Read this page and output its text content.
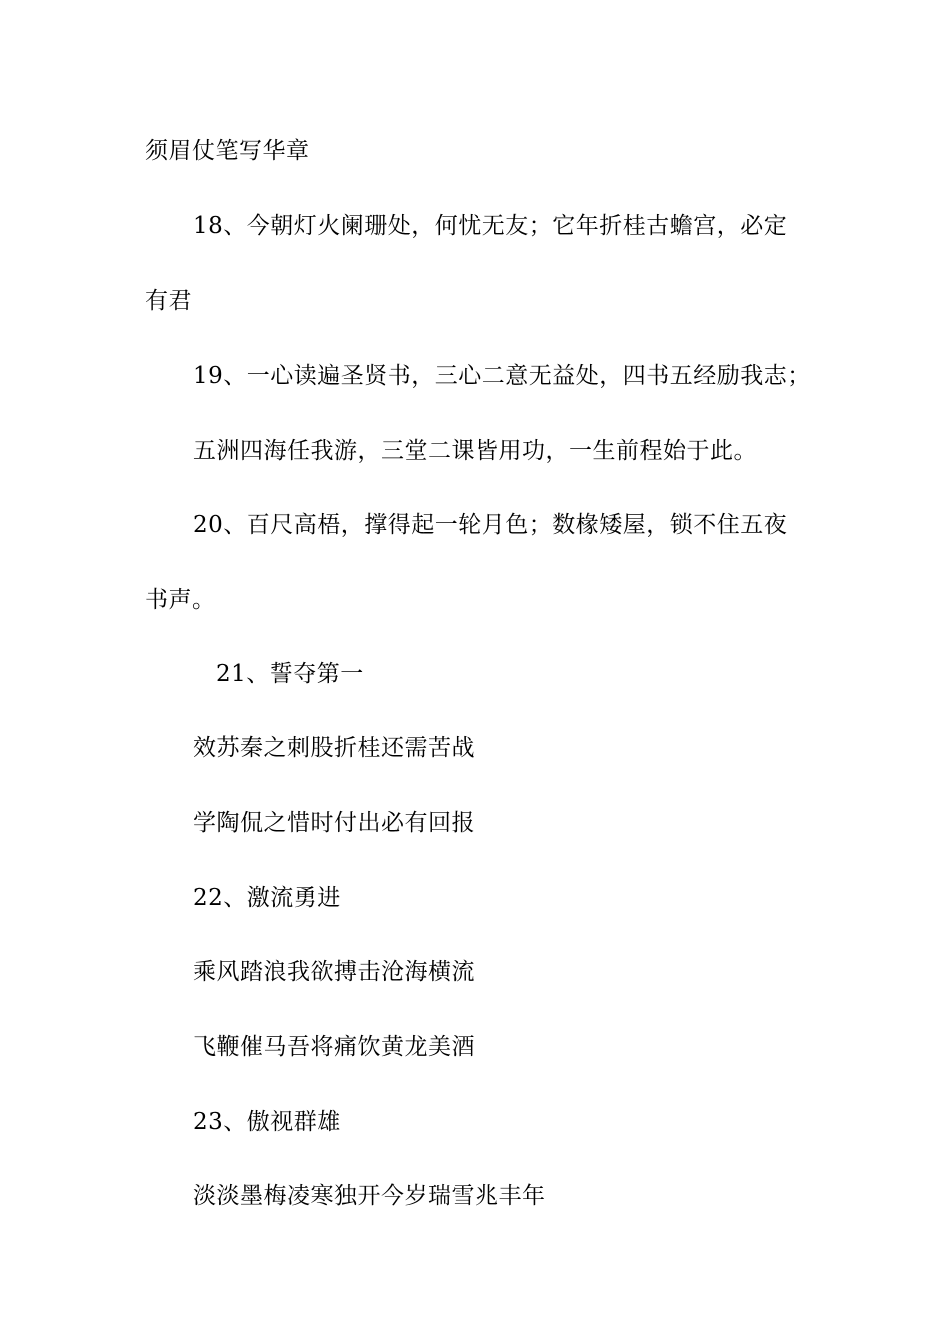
须眉仗笔写华章
18、今朝灯火阑珊处，何忧无友；它年折桂古蟾宫，必定
有君
19、一心读遍圣贤书，三心二意无益处，四书五经励我志；
五洲四海任我游，三堂二课皆用功，一生前程始于此。
20、百尺高梧，撑得起一轮月色；数椽矮屋，锁不住五夜
书声。
21、誓夺第一
效苏秦之刺股折桂还需苦战
学陶侃之惜时付出必有回报
22、激流勇进
乘风踏浪我欲搏击沧海横流
飞鞭催马吾将痛饮黄龙美酒
23、傲视群雄
淡淡墨梅凌寒独开今岁瑞雪兆丰年
